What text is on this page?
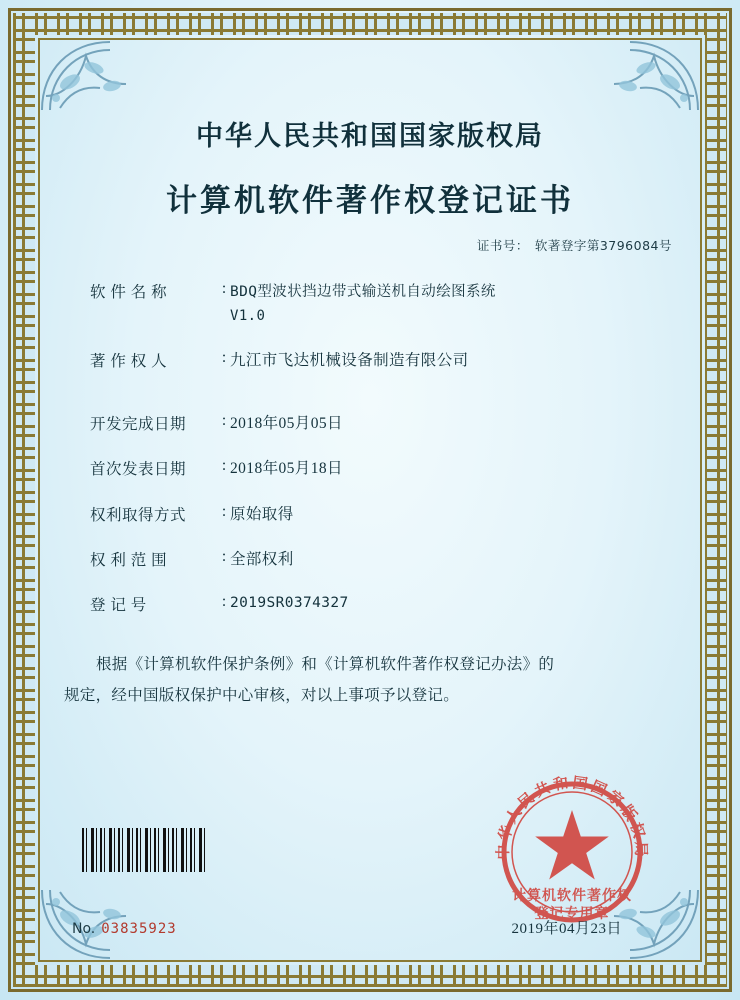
中华人民共和国国家版权局
计算机软件著作权登记证书
证书号： 软著登字第3796084号
软 件 名 称	: BDQ型波状挡边带式输送机自动绘图系统
V1.0
著 作 权 人	: 九江市飞达机械设备制造有限公司
开发完成日期	: 2018年05月05日
首次发表日期	: 2018年05月18日
权利取得方式	: 原始取得
权 利 范 围	: 全部权利
登 记 号	: 2019SR0374327

根据《计算机软件保护条例》和《计算机软件著作权登记办法》的

规定，经中国版权保护中心审核，对以上事项予以登记。

中华人民共和国国家版权局
计算机软件著作权
登记专用章
No. 03835923	2019年04月23日
